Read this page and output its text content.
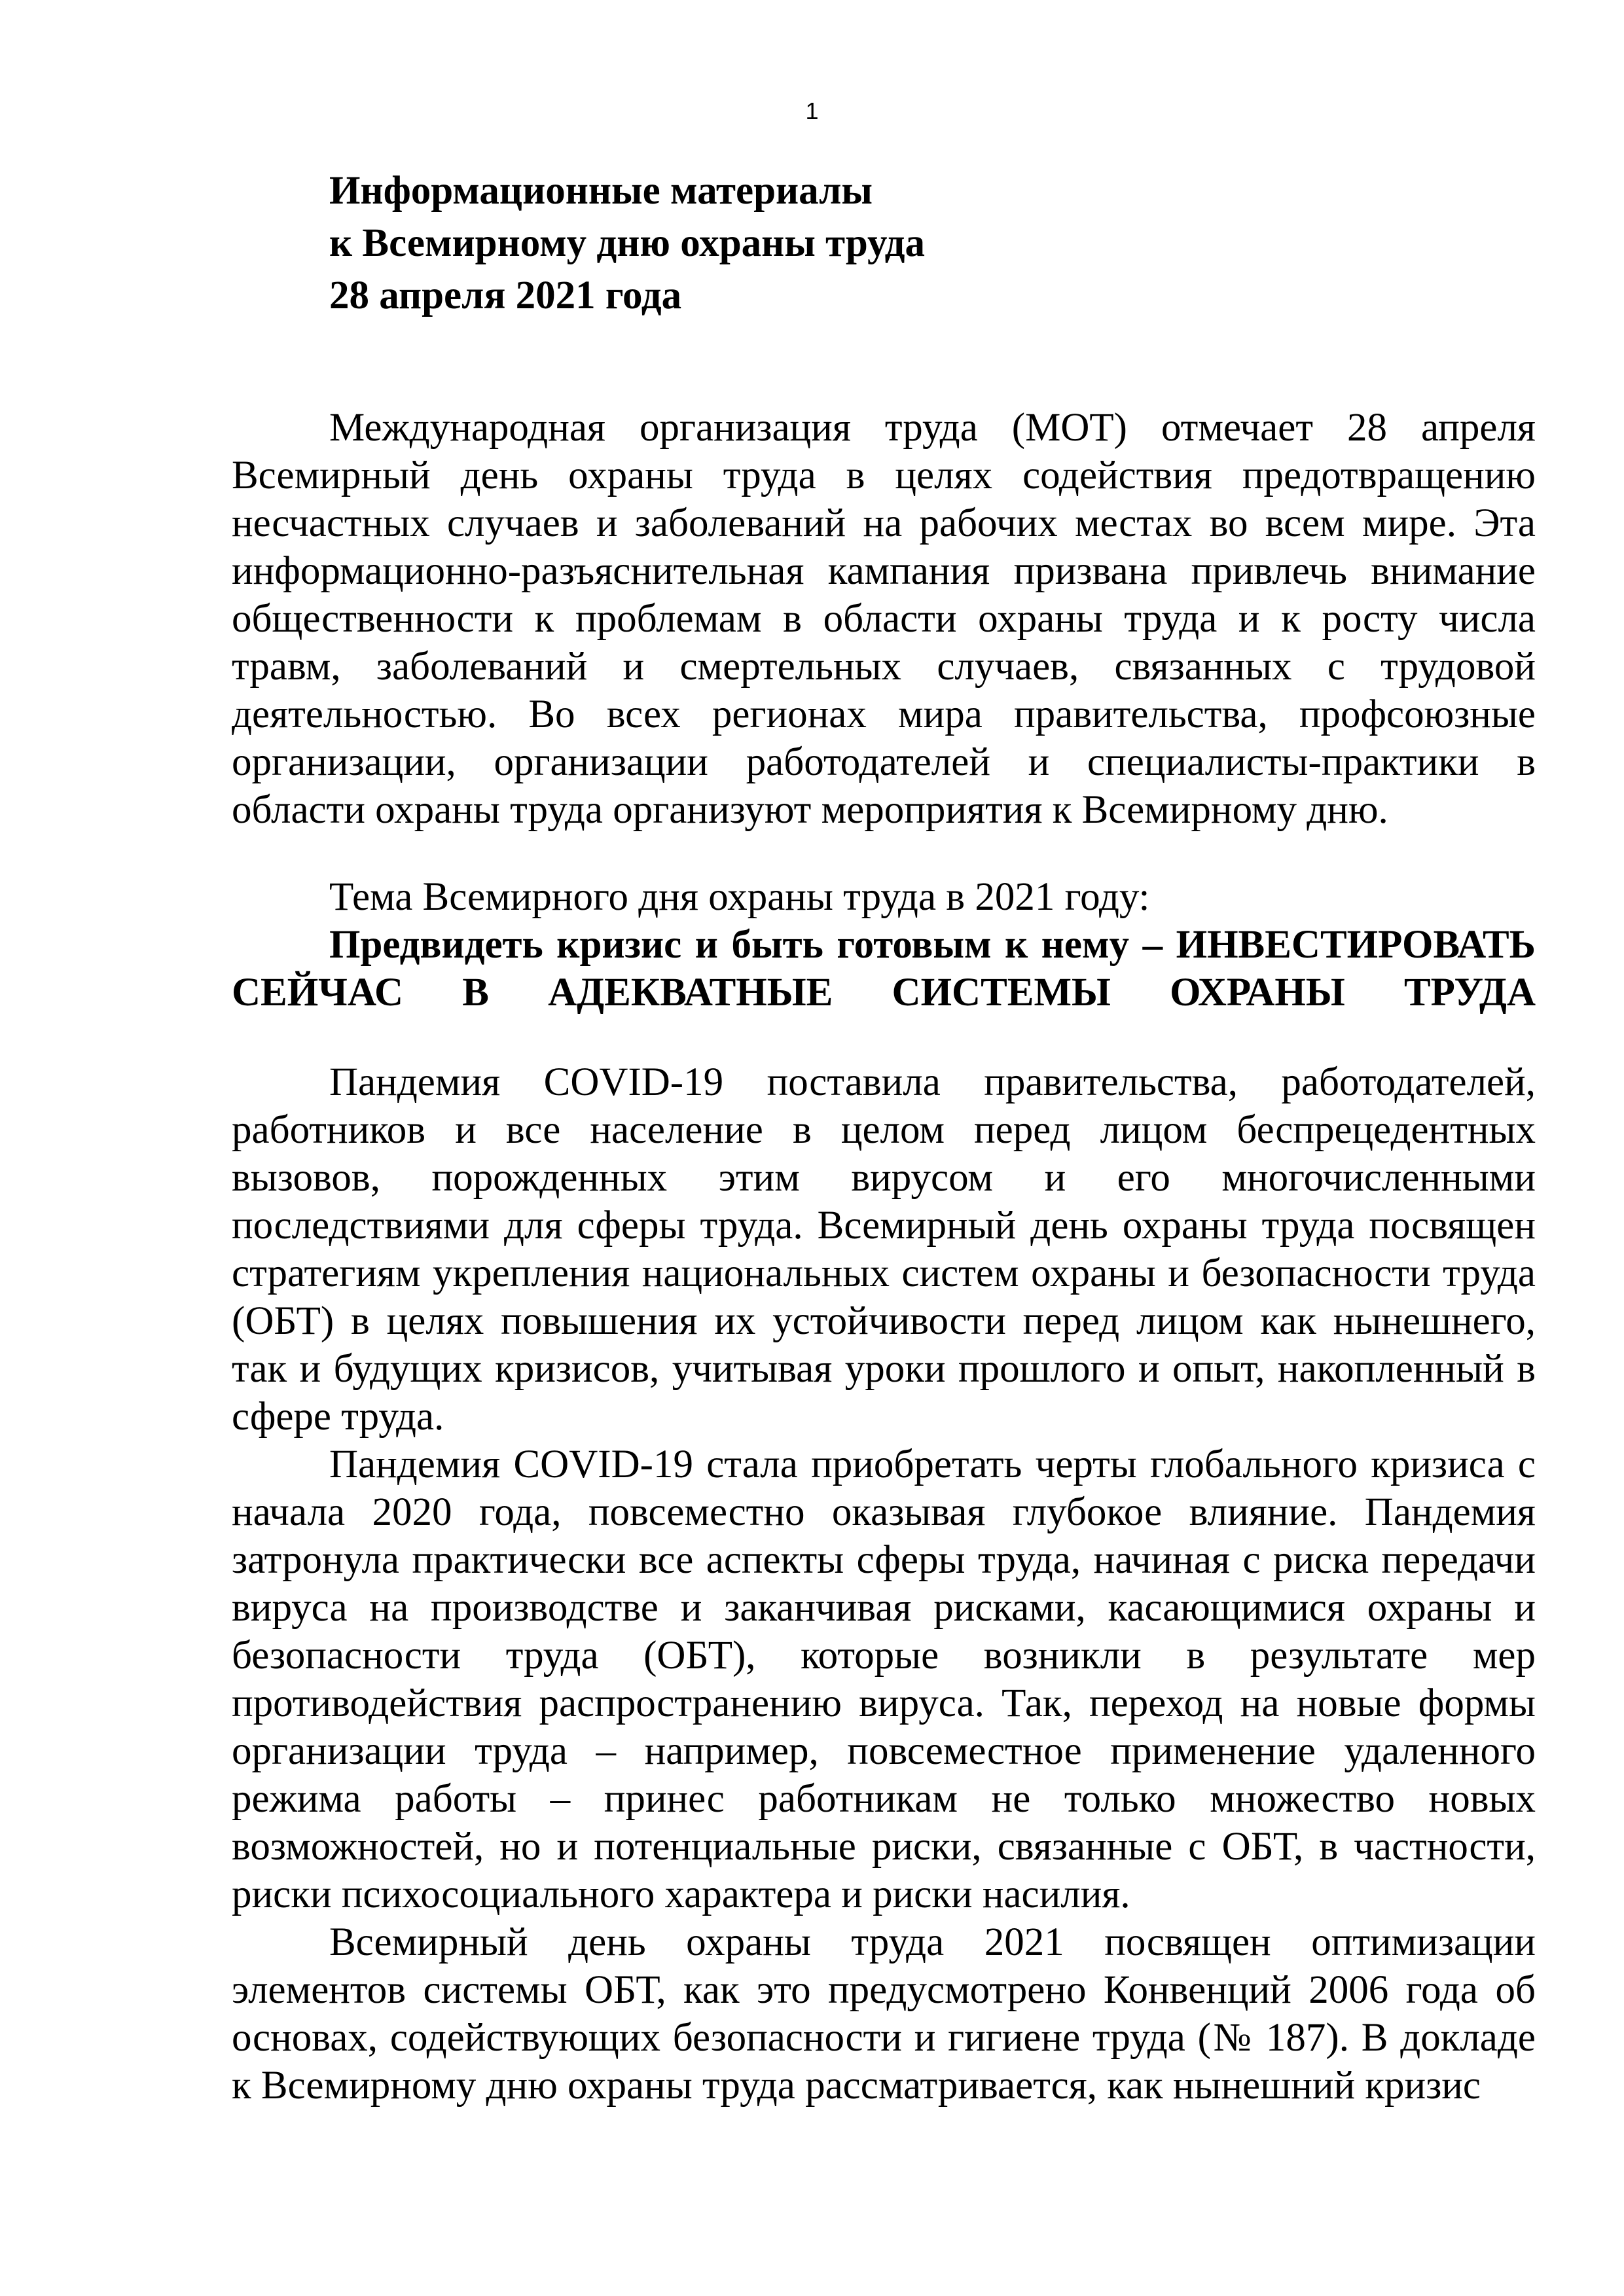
1
Информационные материалы
к Всемирному дню охраны труда
28 апреля 2021 года

Международная организация труда (МОТ) отмечает 28 апреля Всемирный день охраны труда в целях содействия предотвращению несчастных случаев и заболеваний на рабочих местах во всем мире. Эта информационно-разъяснительная кампания призвана привлечь внимание общественности к проблемам в области охраны труда и к росту числа травм, заболеваний и смертельных случаев, связанных с трудовой деятельностью. Во всех регионах мира правительства, профсоюзные организации, организации работодателей и специалисты-практики в области охраны труда организуют мероприятия к Всемирному дню.

Тема Всемирного дня охраны труда в 2021 году:

Предвидеть кризис и быть готовым к нему – ИНВЕСТИРОВАТЬ СЕЙЧАС В АДЕКВАТНЫЕ СИСТЕМЫ ОХРАНЫ ТРУДА

Пандемия COVID-19 поставила правительства, работодателей, работников и все население в целом перед лицом беспрецедентных вызовов, порожденных этим вирусом и его многочисленными последствиями для сферы труда. Всемирный день охраны труда посвящен стратегиям укрепления национальных систем охраны и безопасности труда (ОБТ) в целях повышения их устойчивости перед лицом как нынешнего, так и будущих кризисов, учитывая уроки прошлого и опыт, накопленный в сфере труда.

Пандемия COVID-19 стала приобретать черты глобального кризиса с начала 2020 года, повсеместно оказывая глубокое влияние. Пандемия затронула практически все аспекты сферы труда, начиная с риска передачи вируса на производстве и заканчивая рисками, касающимися охраны и безопасности труда (ОБТ), которые возникли в результате мер противодействия распространению вируса. Так, переход на новые формы организации труда – например, повсеместное применение удаленного режима работы – принес работникам не только множество новых возможностей, но и потенциальные риски, связанные с ОБТ, в частности, риски психосоциального характера и риски насилия.

Всемирный день охраны труда 2021 посвящен оптимизации элементов системы ОБТ, как это предусмотрено Конвенций 2006 года об основах, содействующих безопасности и гигиене труда (№ 187). В докладе к Всемирному дню охраны труда рассматривается, как нынешний кризис
